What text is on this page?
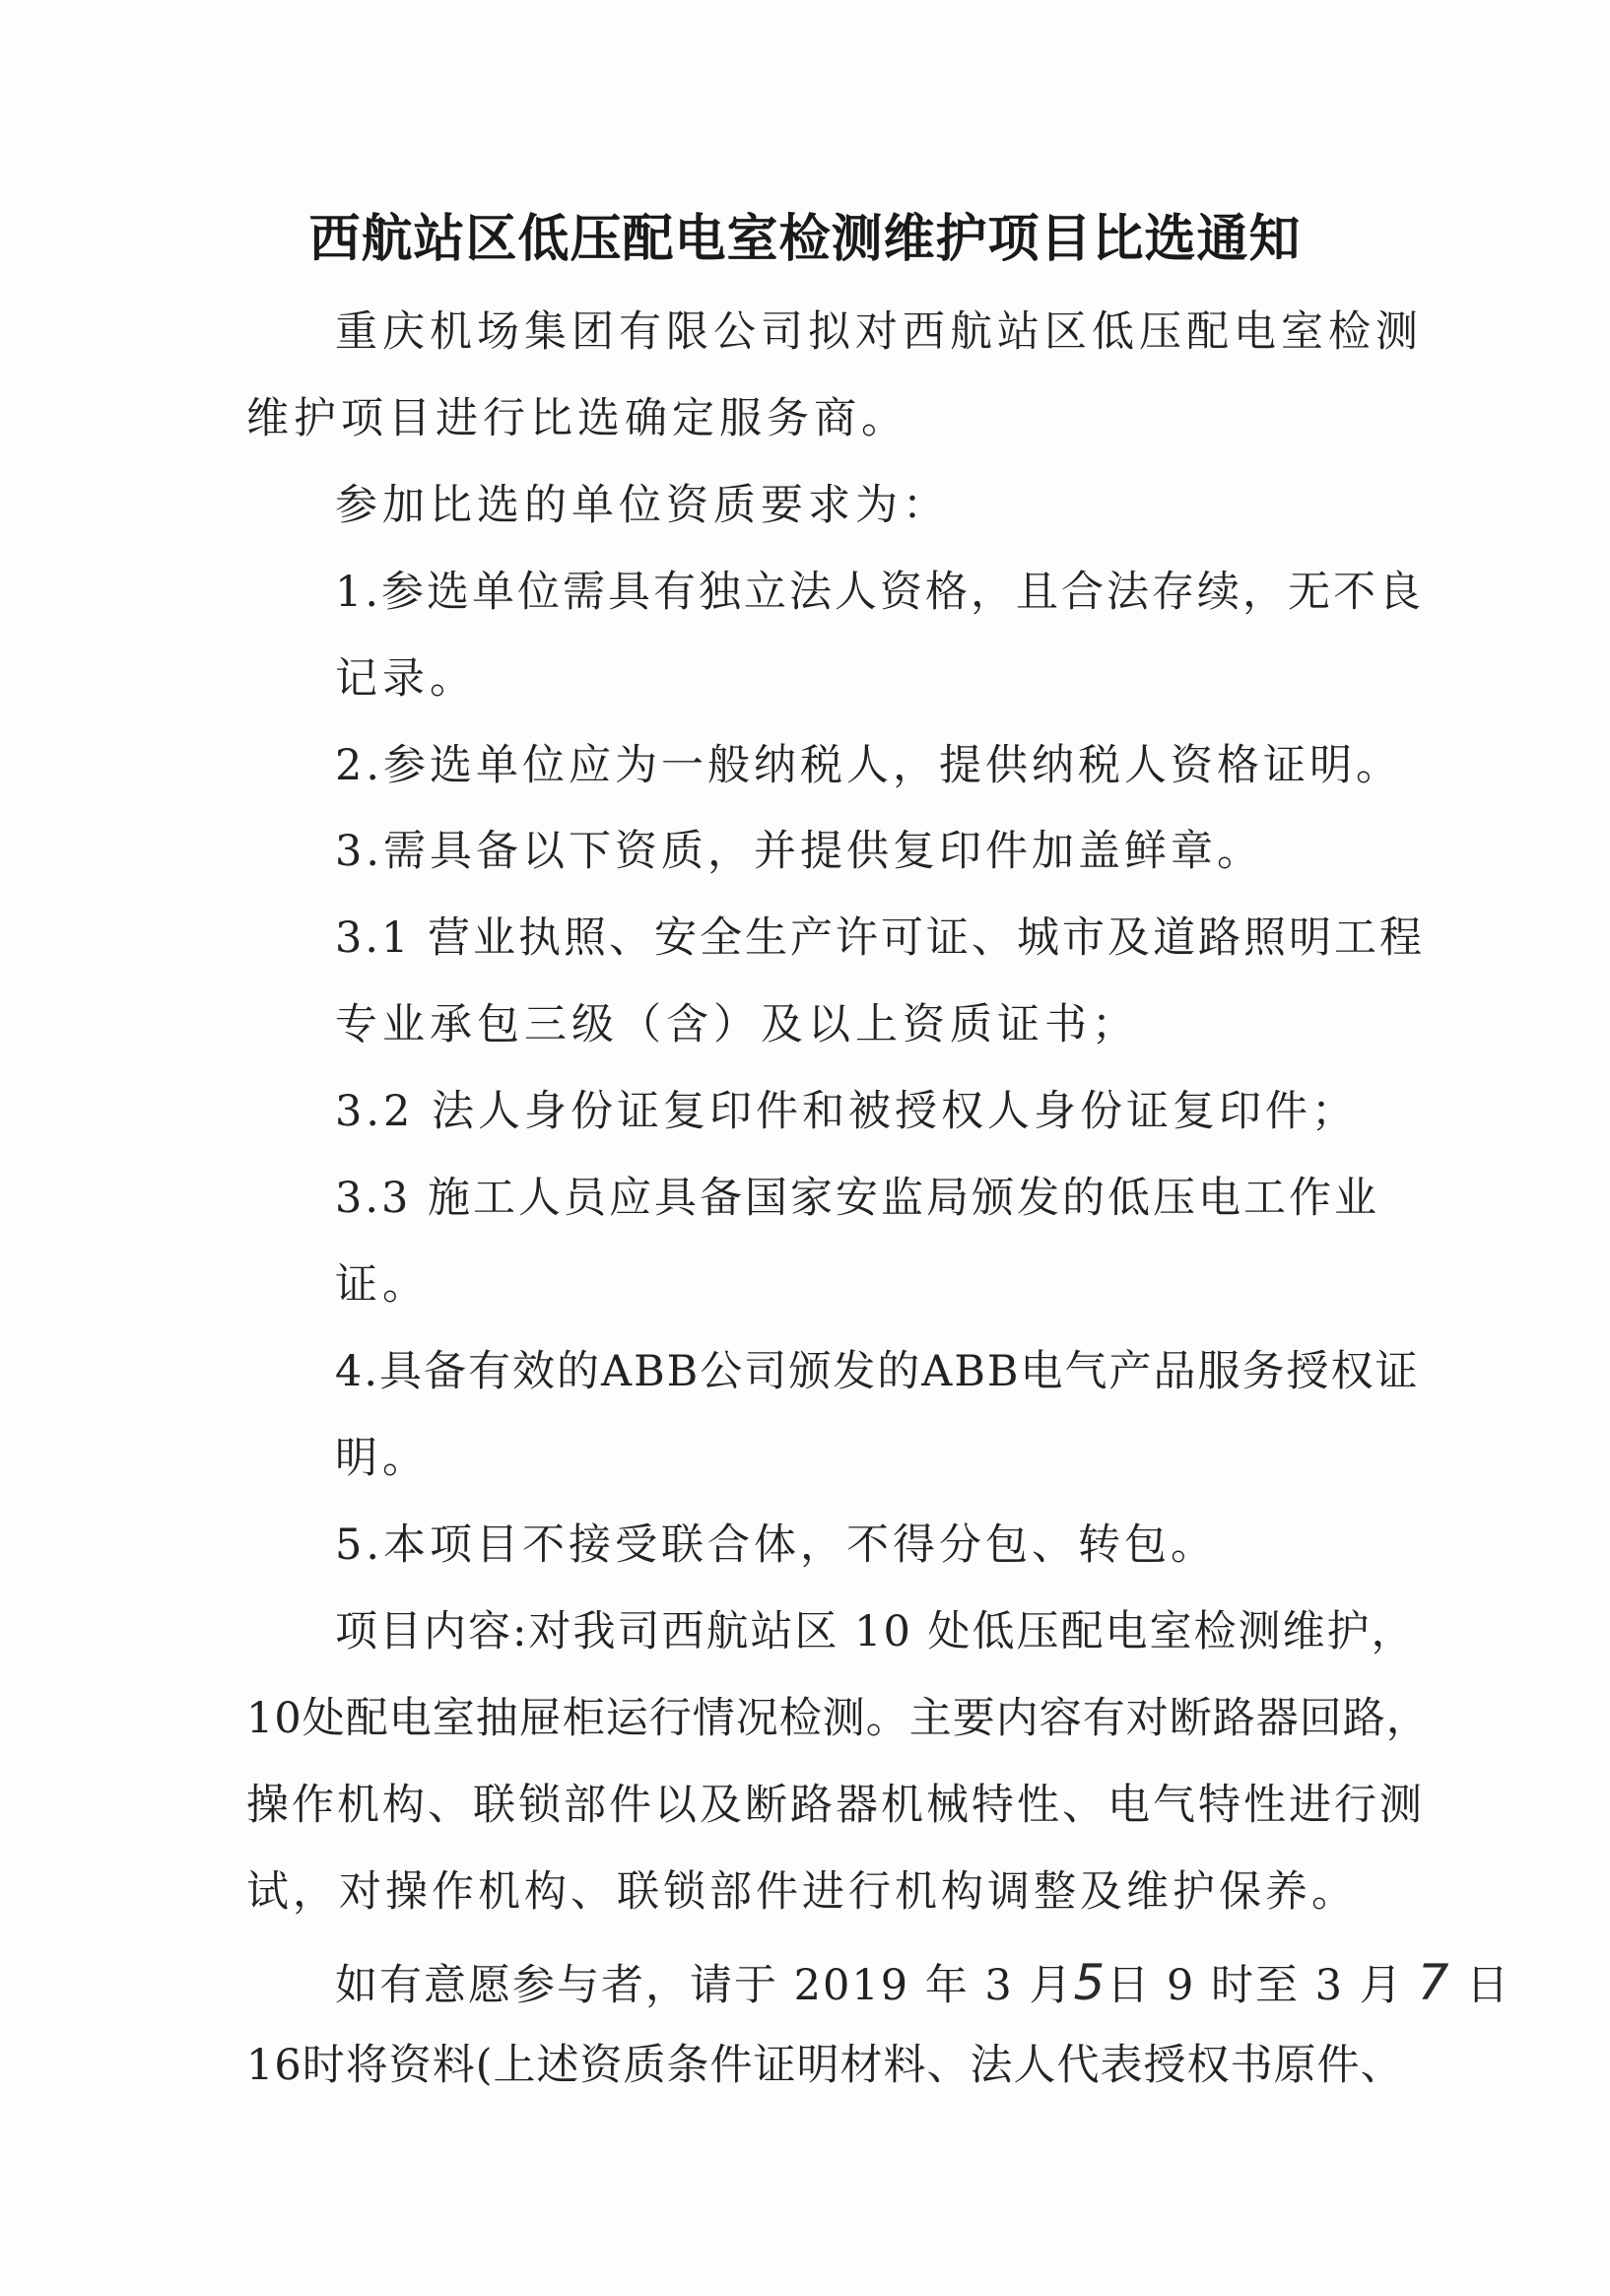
西航站区低压配电室检测维护项目比选通知
重庆机场集团有限公司拟对西航站区低压配电室检测
维护项目进行比选确定服务商。
参加比选的单位资质要求为：
1.参选单位需具有独立法人资格，且合法存续，无不良
记录。
2.参选单位应为一般纳税人，提供纳税人资格证明。
3.需具备以下资质，并提供复印件加盖鲜章。
3.1 营业执照、安全生产许可证、城市及道路照明工程
专业承包三级（含）及以上资质证书；
3.2 法人身份证复印件和被授权人身份证复印件；
3.3 施工人员应具备国家安监局颁发的低压电工作业
证。
4.具备有效的ABB公司颁发的ABB电气产品服务授权证
明。
5.本项目不接受联合体，不得分包、转包。
项目内容:对我司西航站区 10 处低压配电室检测维护，
10处配电室抽屉柜运行情况检测。主要内容有对断路器回路，
操作机构、联锁部件以及断路器机械特性、电气特性进行测
试，对操作机构、联锁部件进行机构调整及维护保养。
如有意愿参与者，请于 2019 年 3 月5日 9 时至 3 月 7 日
16时将资料(上述资质条件证明材料、法人代表授权书原件、
